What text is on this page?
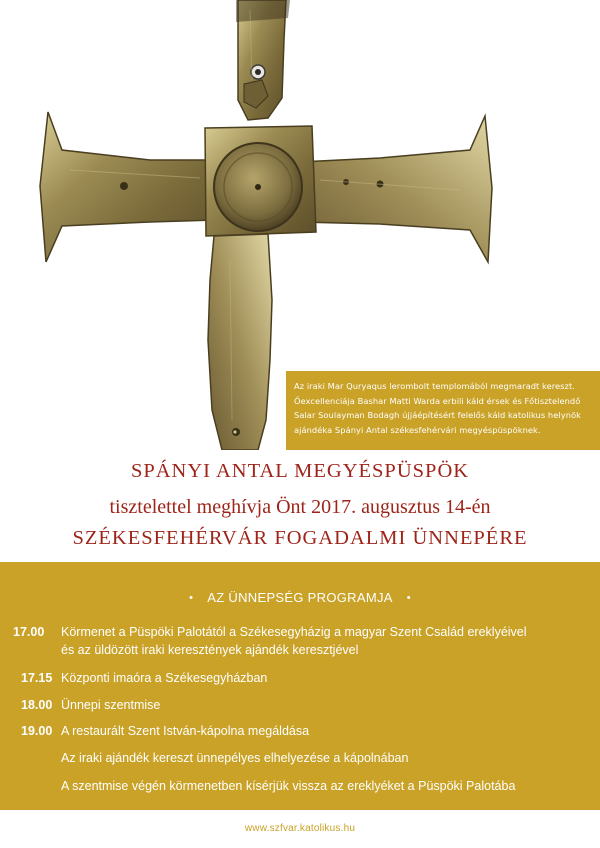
Az iraki Mar Quryaqus lerombolt templomából megmaradt kereszt.
Őexcellenciája Bashar Matti Warda erbili káld érsek és Főtisztelendő
Salar Soulayman Bodagh újjáépítésért felelős káld katolikus helynök
ajándéka Spányi Antal székesfehérvári megyéspüspöknek.
SPÁNYI ANTAL MEGYÉSPÜSPÖK
tisztelettel meghívja Önt 2017. augusztus 14-én
SZÉKESFEHÉRVÁR FOGADALMI ÜNNEPÉRE
• AZ ÜNNEPSÉG PROGRAMJA •
17.00 Körmenet a Püspöki Palotától a Székesegyházig a magyar Szent Család ereklyéivel
és az üldözött iraki keresztények ajándék keresztjével
17.15 Központi imaóra a Székesegyházban
18.00 Ünnepi szentmise
19.00 A restaurált Szent István-kápolna megáldása
Az iraki ajándék kereszt ünnepélyes elhelyezése a kápolnában
A szentmise végén körmenetben kísérjük vissza az ereklyéket a Püspöki Palotába
www.szfvar.katolikus.hu
